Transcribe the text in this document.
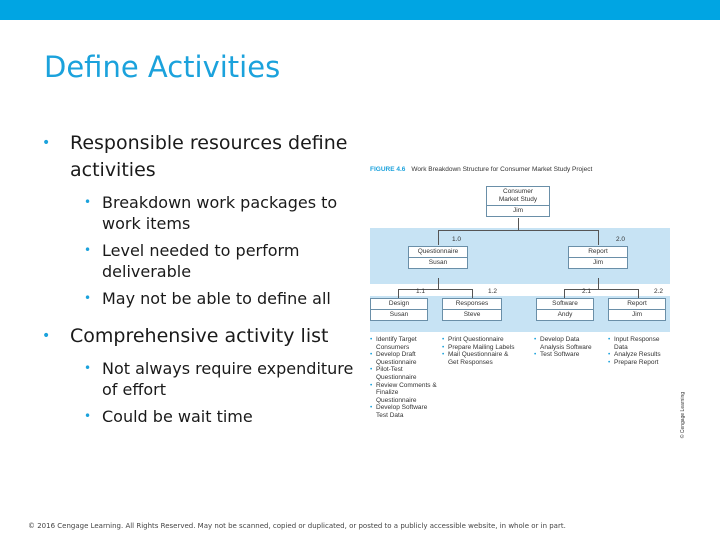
Define Activities
• Responsible resources define activities
• Breakdown work packages to work items
• Level needed to perform deliverable
• May not be able to define all
• Comprehensive activity list
• Not always require expenditure of effort
• Could be wait time
FIGURE 4.6 Work Breakdown Structure for Consumer Market Study Project
Consumer
Market Study
Jim
1.0	2.0
Questionnaire
Susan
Report
Jim
1.1	1.2	2.1	2.2
Design
Susan
Responses
Steve
Software
Andy
Report
Jim
• Identify Target Consumers
• Develop Draft Questionnaire
• Pilot-Test Questionnaire
• Review Comments & Finalize Questionnaire
• Develop Software Test Data
• Print Questionnaire
• Prepare Mailing Labels
• Mail Questionnaire & Get Responses
• Develop Data Analysis Software
• Test Software
• Input Response Data
• Analyze Results
• Prepare Report
© Cengage Learning
© 2016 Cengage Learning. All Rights Reserved. May not be scanned, copied or duplicated, or posted to a publicly accessible website, in whole or in part.
